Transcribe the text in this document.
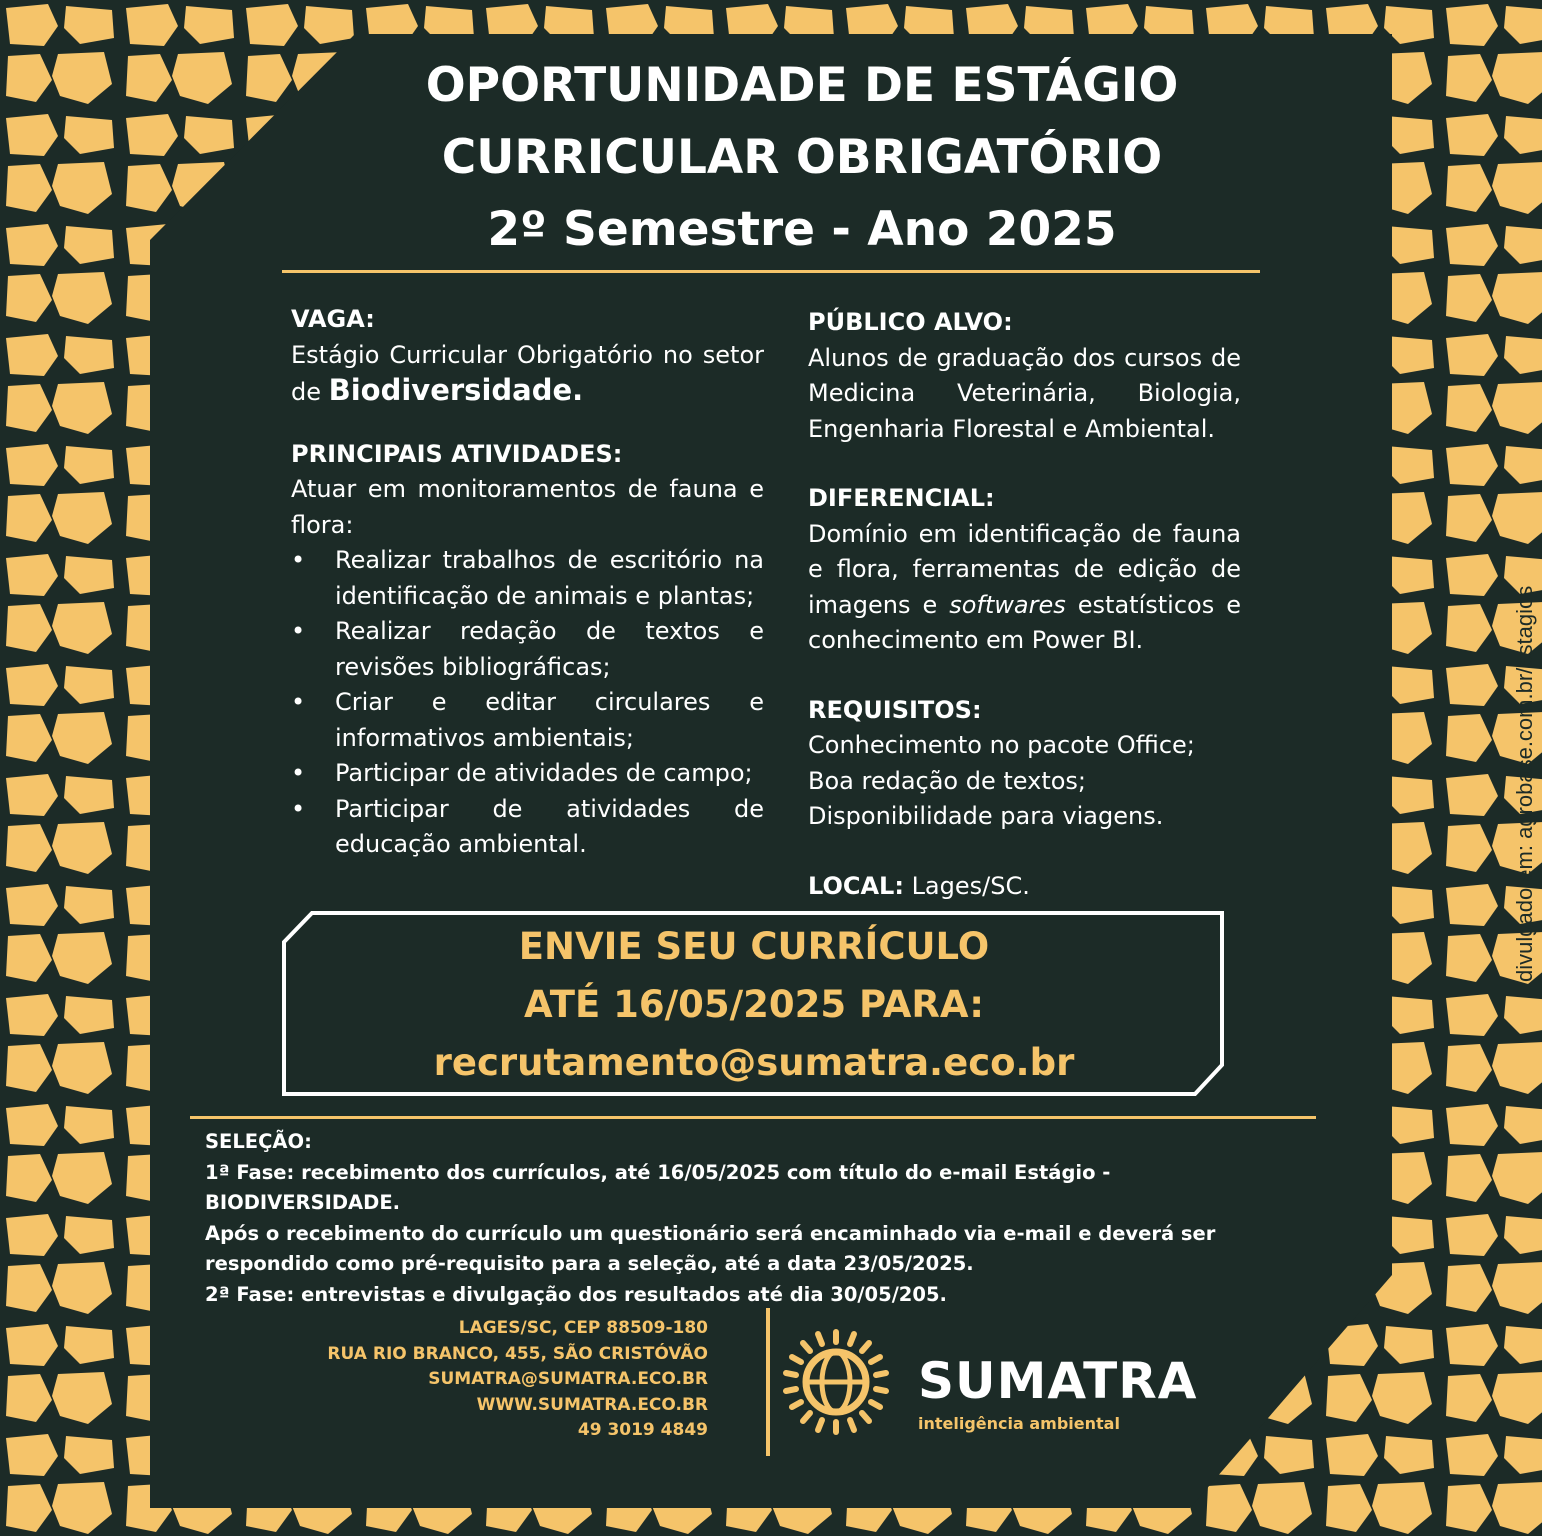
OPORTUNIDADE DE ESTÁGIO
CURRICULAR OBRIGATÓRIO
2º Semestre - Ano 2025
VAGA:

Estágio Curricular Obrigatório no setor de Biodiversidade.

PRINCIPAIS ATIVIDADES:

Atuar em monitoramentos de fauna e flora:

• Realizar trabalhos de escritório na identificação de animais e plantas;
• Realizar redação de textos e revisões bibliográficas;
• Criar e editar circulares e informativos ambientais;
• Participar de atividades de campo;
• Participar de atividades de educação ambiental.
PÚBLICO ALVO:

Alunos de graduação dos cursos de Medicina Veterinária, Biologia, Engenharia Florestal e Ambiental.

DIFERENCIAL:

Domínio em identificação de fauna e flora, ferramentas de edição de imagens e softwares estatísticos e conhecimento em Power BI.

REQUISITOS:
Conhecimento no pacote Office;
Boa redação de textos;
Disponibilidade para viagens.
LOCAL: Lages/SC.
ENVIE SEU CURRÍCULO
ATÉ 16/05/2025 PARA:
recrutamento@sumatra.eco.br
SELEÇÃO:
1ª Fase: recebimento dos currículos, até 16/05/2025 com título do e-mail Estágio - BIODIVERSIDADE.
Após o recebimento do currículo um questionário será encaminhado via e-mail e deverá ser
respondido como pré-requisito para a seleção, até a data 23/05/2025.
2ª Fase: entrevistas e divulgação dos resultados até dia 30/05/205.
LAGES/SC, CEP 88509-180
RUA RIO BRANCO, 455, SÃO CRISTÓVÃO
SUMATRA@SUMATRA.ECO.BR
WWW.SUMATRA.ECO.BR
49 3019 4849
SUMATRA
inteligência ambiental
divulgado em: agrobase.com.br/estagios
